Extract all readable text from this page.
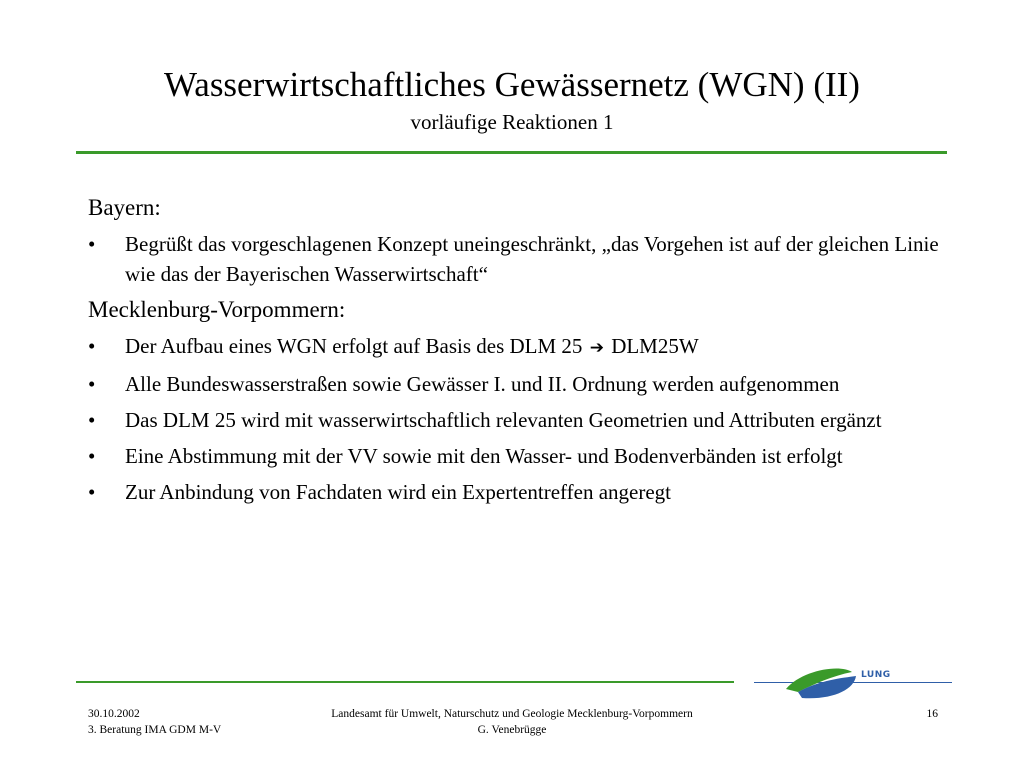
Wasserwirtschaftliches Gewässernetz (WGN) (II)
vorläufige Reaktionen 1
Bayern:
• Begrüßt das vorgeschlagenen Konzept uneingeschränkt, „das Vorgehen ist auf der gleichen Linie wie das der Bayerischen Wasserwirtschaft“
Mecklenburg-Vorpommern:
• Der Aufbau eines WGN erfolgt auf Basis des DLM 25 ➔ DLM25W
• Alle Bundeswasserstraßen sowie Gewässer I. und II. Ordnung werden aufgenommen
• Das DLM 25 wird mit wasserwirtschaftlich relevanten Geometrien und Attributen ergänzt
• Eine Abstimmung mit der VV sowie mit den Wasser- und Bodenverbänden ist erfolgt
• Zur Anbindung von Fachdaten wird ein Expertentreffen angeregt
LUNG
30.10.2002
3. Beratung IMA GDM M-V
Landesamt für Umwelt, Naturschutz und Geologie Mecklenburg-Vorpommern
G. Venebrügge
16
